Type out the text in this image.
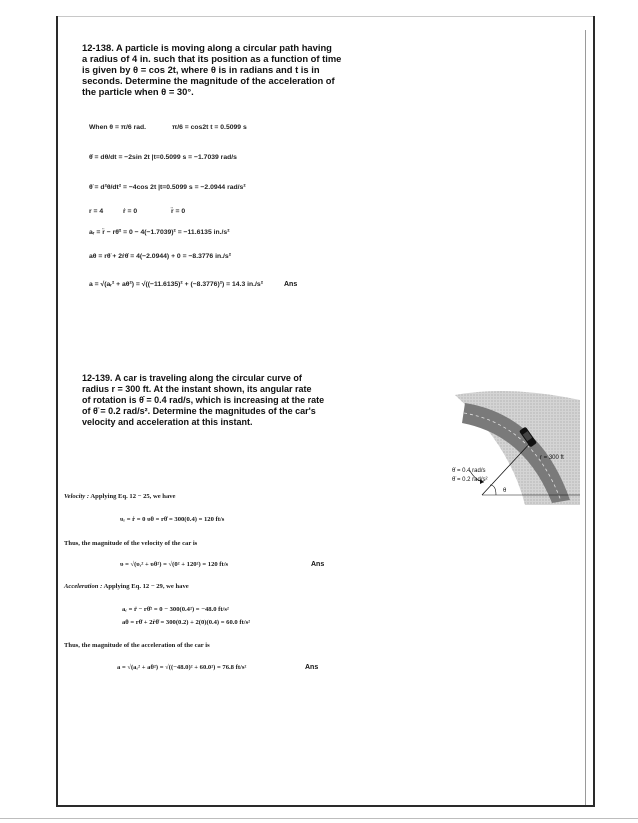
12-138. A particle is moving along a circular path having
a radius of 4 in. such that its position as a function of time
is given by θ = cos 2t, where θ is in radians and t is in
seconds. Determine the magnitude of the acceleration of
the particle when θ = 30°.
When θ = π/6 rad.	π/6 = cos2t t = 0.5099 s
θ̇ = dθ/dt = −2sin 2t |t=0.5099 s = −1.7039 rad/s
θ̈ = d²θ/dt² = −4cos 2t |t=0.5099 s = −2.0944 rad/s²
r = 4	ṙ = 0	r̈ = 0
aᵣ = r̈ − rθ̇² = 0 − 4(−1.7039)² = −11.6135 in./s²
aθ = rθ̈ + 2ṙθ̇ = 4(−2.0944) + 0 = −8.3776 in./s²
a = √(aᵣ² + aθ²) = √((−11.6135)² + (−8.3776)²) = 14.3 in./s²	Ans
12-139. A car is traveling along the circular curve of
radius r = 300 ft. At the instant shown, its angular rate
of rotation is θ̇ = 0.4 rad/s, which is increasing at the rate
of θ̈ = 0.2 rad/s². Determine the magnitudes of the car's
velocity and acceleration at this instant.
r = 300 ft
θ̇ = 0.4 rad/s
θ̈ = 0.2 rad/s²
θ
Velocity : Applying Eq. 12 − 25, we have
υᵣ = ṙ = 0 υθ = rθ̇ = 300(0.4) = 120 ft/s
Thus, the magnitude of the velocity of the car is
υ = √(υᵣ² + υθ²) = √(0² + 120²) = 120 ft/s	Ans
Acceleration : Applying Eq. 12 − 29, we have
aᵣ = r̈ − rθ̇² = 0 − 300(0.4²) = −48.0 ft/s²
aθ = rθ̈ + 2ṙθ̇ = 300(0.2) + 2(0)(0.4) = 60.0 ft/s²
Thus, the magnitude of the acceleration of the car is
a = √(aᵣ² + aθ²) = √((−48.0)² + 60.0²) = 76.8 ft/s²	Ans
